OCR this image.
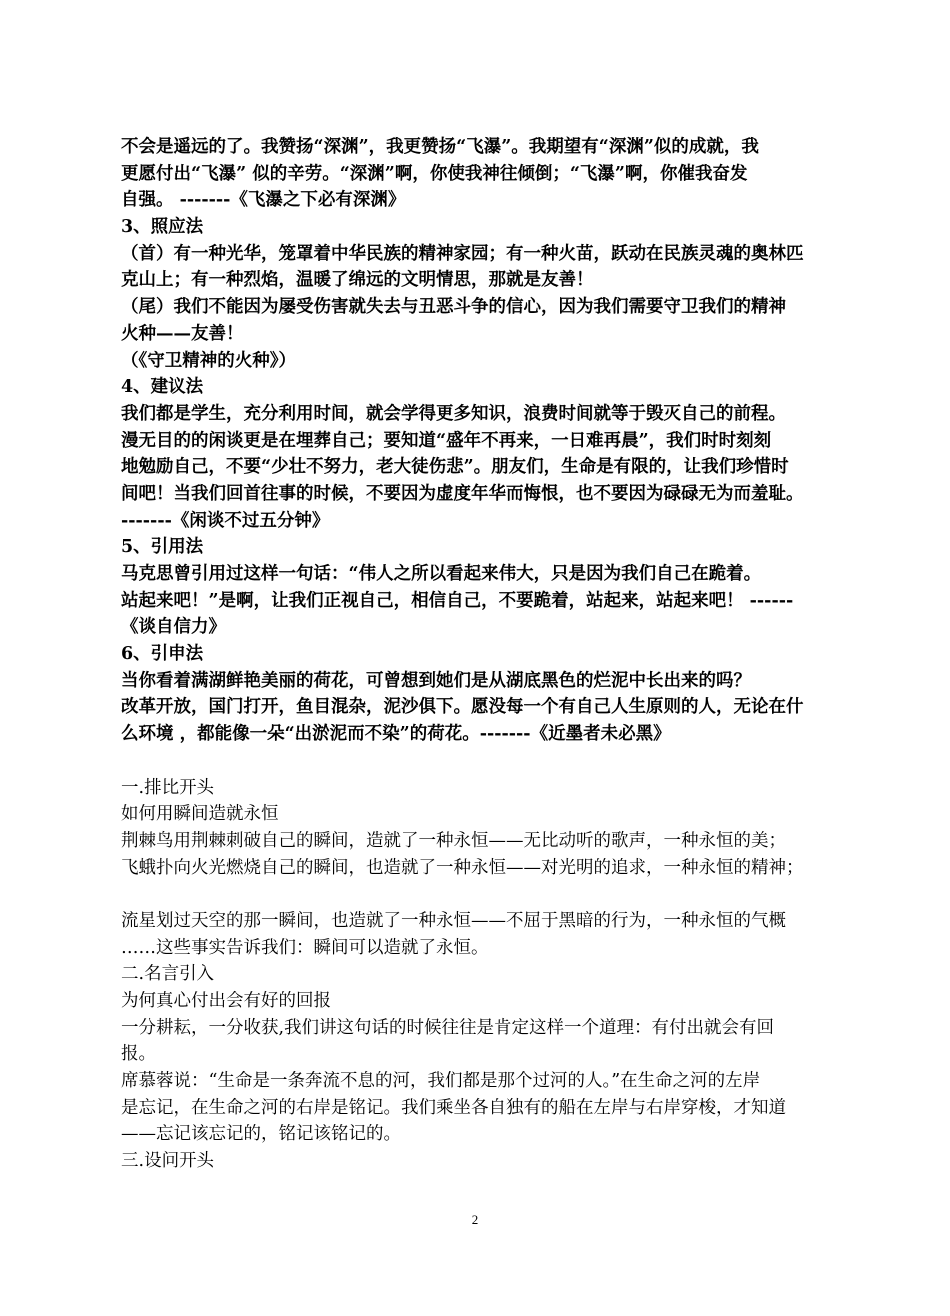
不会是遥远的了。我赞扬“深渊”，我更赞扬“飞瀑”。我期望有“深渊”似的成就，我
更愿付出“飞瀑” 似的辛劳。“深渊”啊，你使我神往倾倒；“飞瀑”啊，你催我奋发
自强。 -------《飞瀑之下必有深渊》
3、照应法
（首）有一种光华，笼罩着中华民族的精神家园；有一种火苗，跃动在民族灵魂的奥林匹
克山上；有一种烈焰，温暖了绵远的文明情思，那就是友善！
（尾）我们不能因为屡受伤害就失去与丑恶斗争的信心，因为我们需要守卫我们的精神
火种——友善！
（《守卫精神的火种》）
4、建议法
我们都是学生，充分利用时间，就会学得更多知识，浪费时间就等于毁灭自己的前程。
漫无目的的闲谈更是在埋葬自己；要知道“盛年不再来，一日难再晨”，我们时时刻刻
地勉励自己，不要“少壮不努力，老大徒伤悲”。朋友们，生命是有限的，让我们珍惜时
间吧！当我们回首往事的时候，不要因为虚度年华而悔恨，也不要因为碌碌无为而羞耻。
-------《闲谈不过五分钟》
5、引用法
马克思曾引用过这样一句话：“伟人之所以看起来伟大，只是因为我们自己在跪着。
站起来吧！”是啊，让我们正视自己，相信自己，不要跪着，站起来，站起来吧！ ------
《谈自信力》
6、引申法
当你看着满湖鲜艳美丽的荷花，可曾想到她们是从湖底黑色的烂泥中长出来的吗？
改革开放，国门打开，鱼目混杂，泥沙俱下。愿没每一个有自己人生原则的人，无论在什
么环境 ，都能像一朵“出淤泥而不染”的荷花。-------《近墨者未必黑》
一.排比开头
如何用瞬间造就永恒
荆棘鸟用荆棘刺破自己的瞬间，造就了一种永恒——无比动听的歌声，一种永恒的美；
飞蛾扑向火光燃烧自己的瞬间，也造就了一种永恒——对光明的追求，一种永恒的精神；
流星划过天空的那一瞬间，也造就了一种永恒——不屈于黑暗的行为，一种永恒的气概
……这些事实告诉我们：瞬间可以造就了永恒。
二.名言引入
为何真心付出会有好的回报
一分耕耘，一分收获,我们讲这句话的时候往往是肯定这样一个道理：有付出就会有回
报。
席慕蓉说：“生命是一条奔流不息的河，我们都是那个过河的人。”在生命之河的左岸
是忘记，在生命之河的右岸是铭记。我们乘坐各自独有的船在左岸与右岸穿梭，才知道
——忘记该忘记的，铭记该铭记的。
三.设问开头
2
